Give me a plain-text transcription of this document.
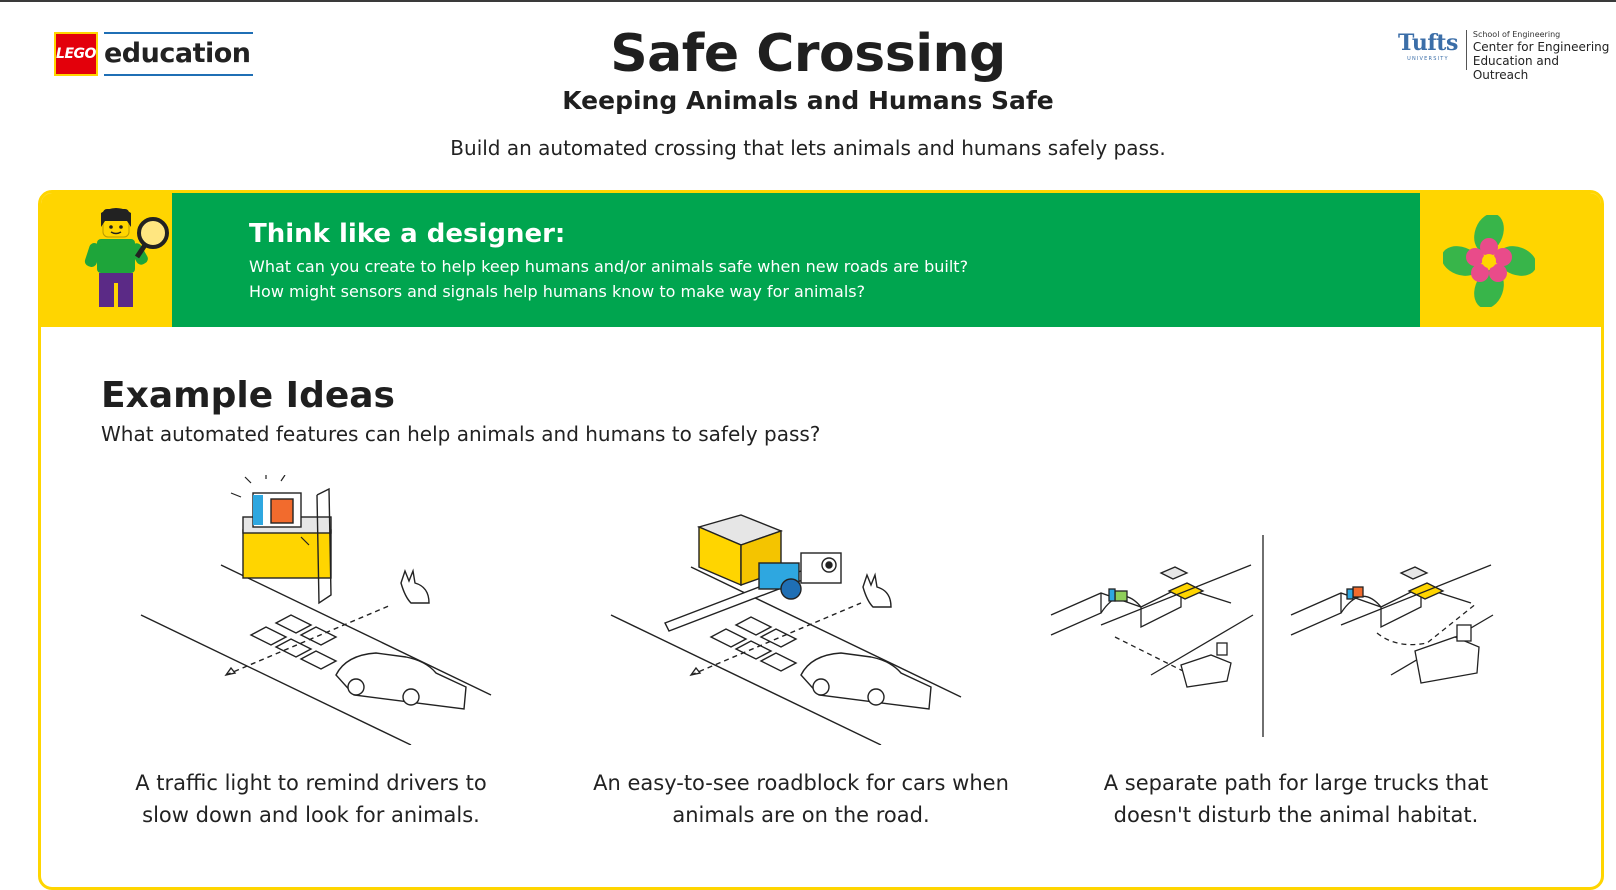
LEGO education	Tufts
UNIVERSITY
School of Engineering
Center for Engineering
Education and Outreach
Safe Crossing
Keeping Animals and Humans Safe
Build an automated crossing that lets animals and humans safely pass.
Think like a designer:
What can you create to help keep humans and/or animals safe when new roads are built?
How might sensors and signals help humans know to make way for animals?
Example Ideas
What automated features can help animals and humans to safely pass?
A traffic light to remind drivers to
slow down and look for animals.
An easy-to-see roadblock for cars when
animals are on the road.
A separate path for large trucks that
doesn't disturb the animal habitat.
